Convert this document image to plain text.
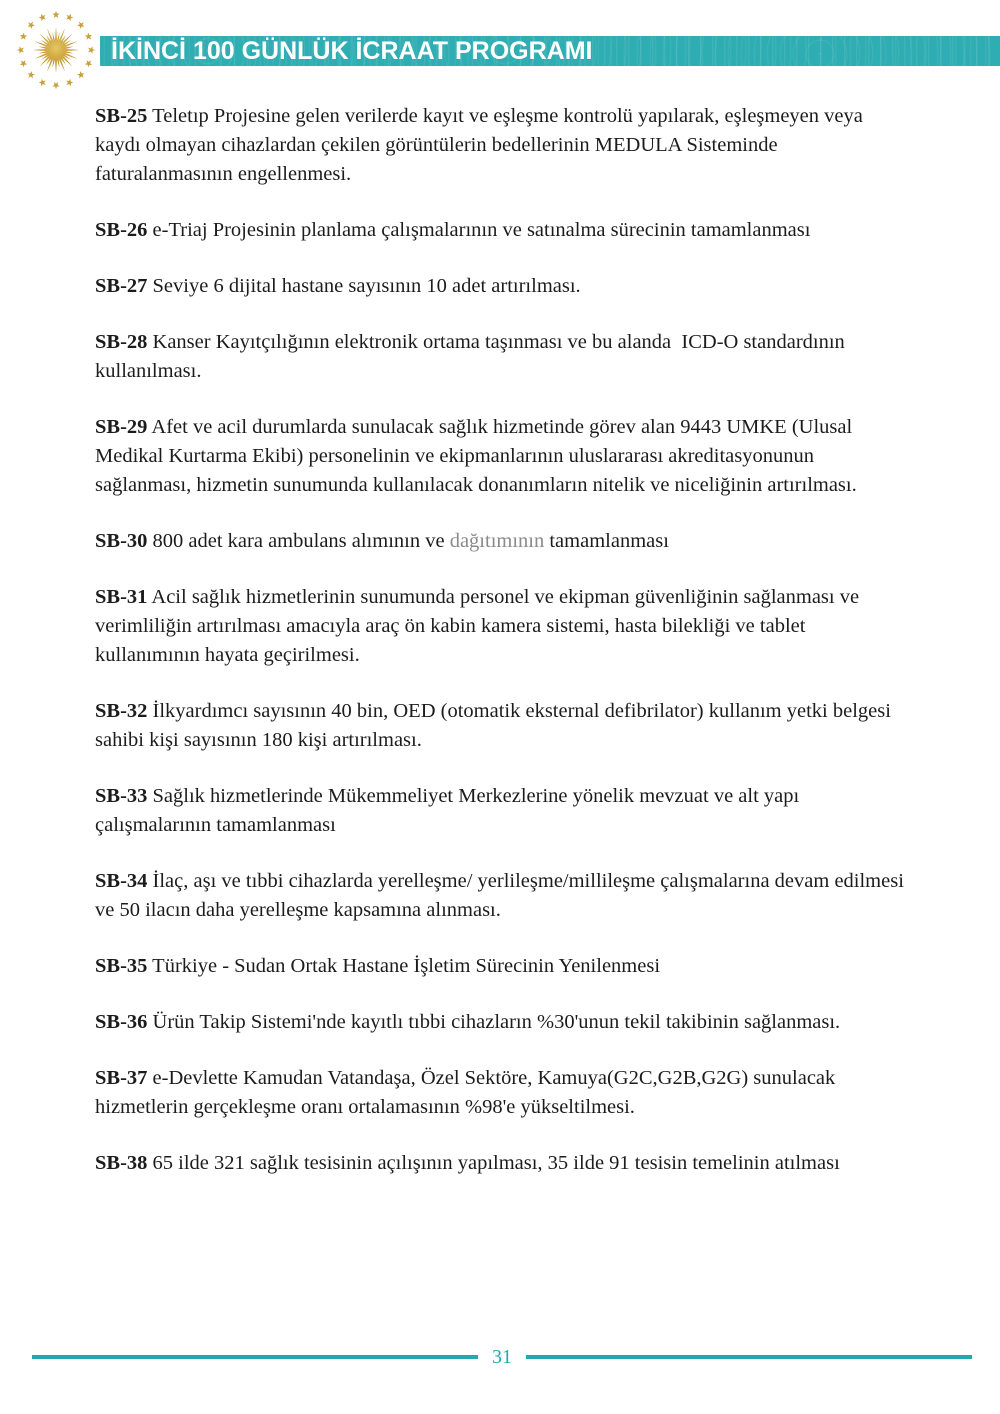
İKİNCİ 100 GÜNLÜK İCRAAT PROGRAMI

SB-25 Teletıp Projesine gelen verilerde kayıt ve eşleşme kontrolü yapılarak, eşleşmeyen veya kaydı olmayan cihazlardan çekilen görüntülerin bedellerinin MEDULA Sisteminde faturalanmasının engellenmesi.

SB-26 e-Triaj Projesinin planlama çalışmalarının ve satınalma sürecinin tamamlanması

SB-27 Seviye 6 dijital hastane sayısının 10 adet artırılması.

SB-28 Kanser Kayıtçılığının elektronik ortama taşınması ve bu alanda  ICD-O standardının kullanılması.

SB-29 Afet ve acil durumlarda sunulacak sağlık hizmetinde görev alan 9443 UMKE (Ulusal Medikal Kurtarma Ekibi) personelinin ve ekipmanlarının uluslararası akreditasyonunun sağlanması, hizmetin sunumunda kullanılacak donanımların nitelik ve niceliğinin artırılması.

SB-30 800 adet kara ambulans alımının ve dağıtımının tamamlanması

SB-31 Acil sağlık hizmetlerinin sunumunda personel ve ekipman güvenliğinin sağlanması ve verimliliğin artırılması amacıyla araç ön kabin kamera sistemi, hasta bilekliği ve tablet kullanımının hayata geçirilmesi.

SB-32 İlkyardımcı sayısının 40 bin, OED (otomatik eksternal defibrilator) kullanım yetki belgesi sahibi kişi sayısının 180 kişi artırılması.

SB-33 Sağlık hizmetlerinde Mükemmeliyet Merkezlerine yönelik mevzuat ve alt yapı çalışmalarının tamamlanması

SB-34 İlaç, aşı ve tıbbi cihazlarda yerelleşme/ yerlileşme/millileşme çalışmalarına devam edilmesi ve 50 ilacın daha yerelleşme kapsamına alınması.

SB-35 Türkiye - Sudan Ortak Hastane İşletim Sürecinin Yenilenmesi

SB-36 Ürün Takip Sistemi'nde kayıtlı tıbbi cihazların %30'unun tekil takibinin sağlanması.

SB-37 e-Devlette Kamudan Vatandaşa, Özel Sektöre, Kamuya(G2C,G2B,G2G) sunulacak hizmetlerin gerçekleşme oranı ortalamasının %98'e yükseltilmesi.

SB-38 65 ilde 321 sağlık tesisinin açılışının yapılması, 35 ilde 91 tesisin temelinin atılması

31
